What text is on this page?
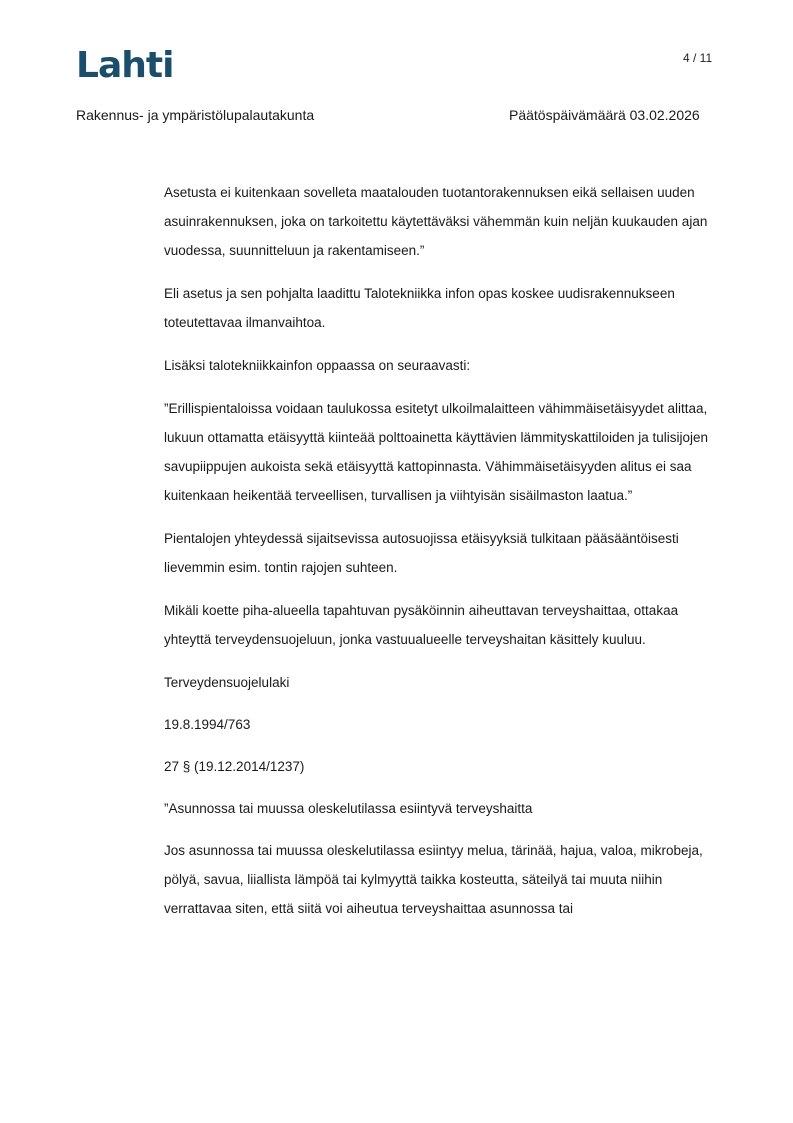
Lahti	4 / 11
Rakennus- ja ympäristölupalautakunta	Päätöspäivämäärä 03.02.2026

Asetusta ei kuitenkaan sovelleta maatalouden tuotantorakennuksen eikä sellaisen uuden asuinrakennuksen, joka on tarkoitettu käytettäväksi vähemmän kuin neljän kuukauden ajan vuodessa, suunnitteluun ja rakentamiseen.”

Eli asetus ja sen pohjalta laadittu Talotekniikka infon opas koskee uudisrakennukseen toteutettavaa ilmanvaihtoa.

Lisäksi talotekniikkainfon oppaassa on seuraavasti:

”Erillispientaloissa voidaan taulukossa esitetyt ulkoilmalaitteen vähimmäisetäisyydet alittaa, lukuun ottamatta etäisyyttä kiinteää polttoainetta käyttävien lämmityskattiloiden ja tulisijojen savupiippujen aukoista sekä etäisyyttä kattopinnasta. Vähimmäisetäisyyden alitus ei saa kuitenkaan heikentää terveellisen, turvallisen ja viihtyisän sisäilmaston laatua.”

Pientalojen yhteydessä sijaitsevissa autosuojissa etäisyyksiä tulkitaan pääsääntöisesti lievemmin esim. tontin rajojen suhteen.

Mikäli koette piha-alueella tapahtuvan pysäköinnin aiheuttavan terveyshaittaa, ottakaa yhteyttä terveydensuojeluun, jonka vastuualueelle terveyshaitan käsittely kuuluu.

Terveydensuojelulaki

19.8.1994/763

27 § (19.12.2014/1237)

”Asunnossa tai muussa oleskelutilassa esiintyvä terveyshaitta

Jos asunnossa tai muussa oleskelutilassa esiintyy melua, tärinää, hajua, valoa, mikrobeja, pölyä, savua, liiallista lämpöä tai kylmyyttä taikka kosteutta, säteilyä tai muuta niihin verrattavaa siten, että siitä voi aiheutua terveyshaittaa asunnossa tai
